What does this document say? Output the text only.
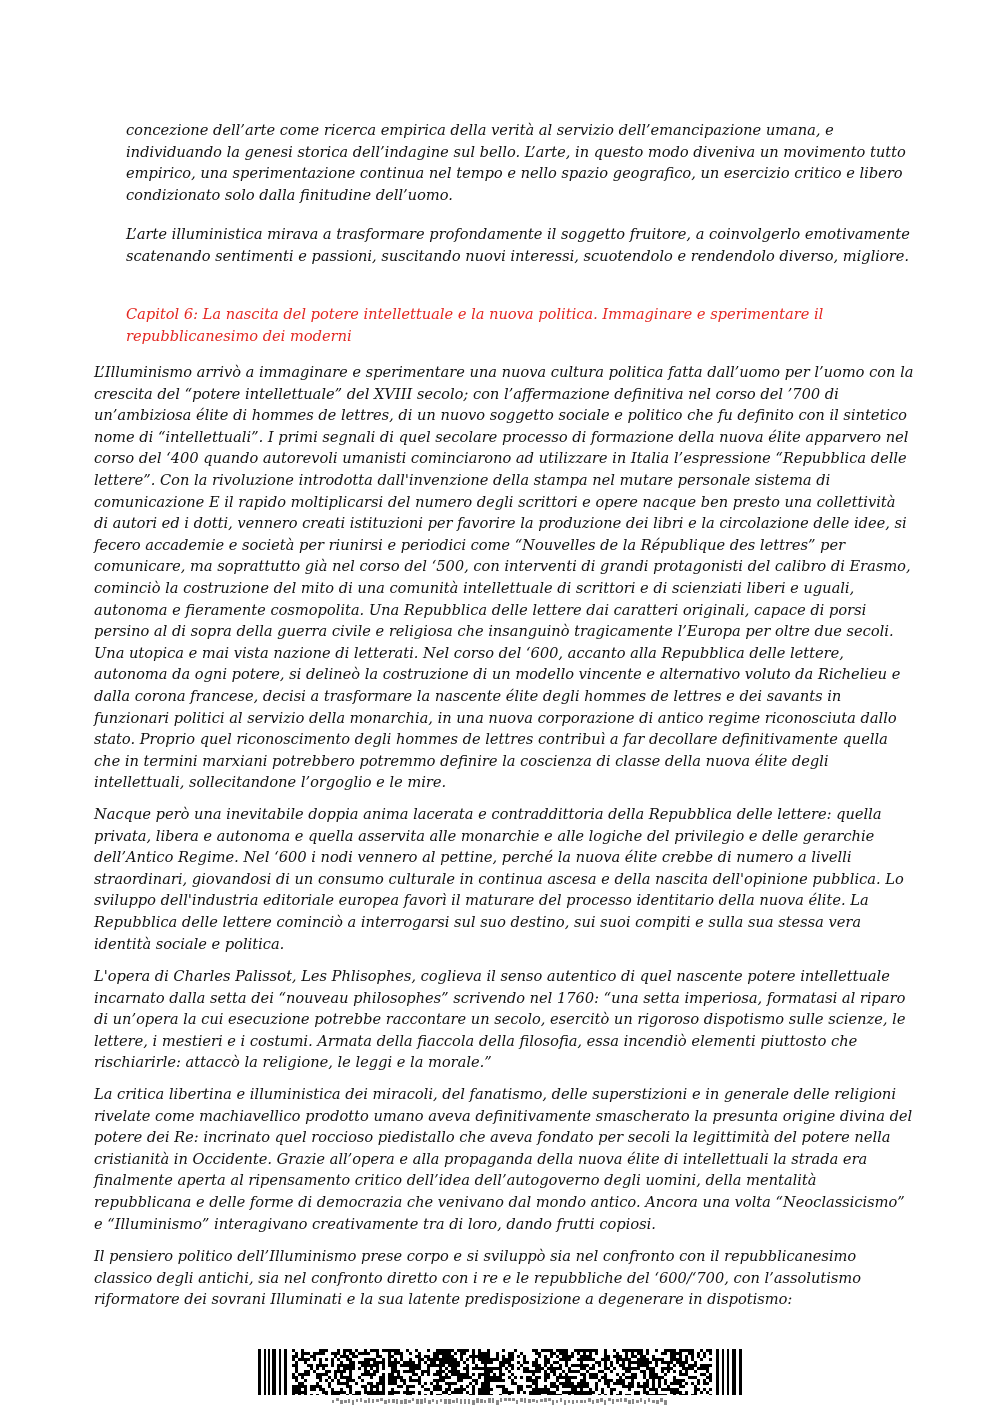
concezione dell’arte come ricerca empirica della verità al servizio dell’emancipazione umana, e individuando la genesi storica dell’indagine sul bello. L’arte, in questo modo diveniva un movimento tutto empirico, una sperimentazione continua nel tempo e nello spazio geografico, un esercizio critico e libero condizionato solo dalla finitudine dell’uomo.

L’arte illuministica mirava a trasformare profondamente il soggetto fruitore, a coinvolgerlo emotivamente scatenando sentimenti e passioni, suscitando nuovi interessi, scuotendolo e rendendolo diverso, migliore.

Capitol 6: La nascita del potere intellettuale e la nuova politica. Immaginare e sperimentare il repubblicanesimo dei moderni

L’Illuminismo arrivò a immaginare e sperimentare una nuova cultura politica fatta dall’uomo per l’uomo con la crescita del “potere intellettuale” del XVIII secolo; con l’affermazione definitiva nel corso del ’700 di un’ambiziosa élite di hommes de lettres, di un nuovo soggetto sociale e politico che fu definito con il sintetico nome di “intellettuali”. I primi segnali di quel secolare processo di formazione della nuova élite apparvero nel corso del ‘400 quando autorevoli umanisti cominciarono ad utilizzare in Italia l’espressione “Repubblica delle lettere”. Con la rivoluzione introdotta dall'invenzione della stampa nel mutare personale sistema di comunicazione E il rapido moltiplicarsi del numero degli scrittori e opere nacque ben presto una collettività di autori ed i dotti, vennero creati istituzioni per favorire la produzione dei libri e la circolazione delle idee, si fecero accademie e società per riunirsi e periodici come “Nouvelles de la République des lettres” per comunicare, ma soprattutto già nel corso del ‘500, con interventi di grandi protagonisti del calibro di Erasmo, cominciò la costruzione del mito di una comunità intellettuale di scrittori e di scienziati liberi e uguali, autonoma e fieramente cosmopolita. Una Repubblica delle lettere dai caratteri originali, capace di porsi persino al di sopra della guerra civile e religiosa che insanguinò tragicamente l’Europa per oltre due secoli. Una utopica e mai vista nazione di letterati. Nel corso del ‘600, accanto alla Repubblica delle lettere, autonoma da ogni potere, si delineò la costruzione di un modello vincente e alternativo voluto da Richelieu e dalla corona francese, decisi a trasformare la nascente élite degli hommes de lettres e dei savants in funzionari politici al servizio della monarchia, in una nuova corporazione di antico regime riconosciuta dallo stato. Proprio quel riconoscimento degli hommes de lettres contribuì a far decollare definitivamente quella che in termini marxiani potrebbero potremmo definire la coscienza di classe della nuova élite degli intellettuali, sollecitandone l’orgoglio e le mire.

Nacque però una inevitabile doppia anima lacerata e contraddittoria della Repubblica delle lettere: quella privata, libera e autonoma e quella asservita alle monarchie e alle logiche del privilegio e delle gerarchie dell’Antico Regime. Nel ‘600 i nodi vennero al pettine, perché la nuova élite crebbe di numero a livelli straordinari, giovandosi di un consumo culturale in continua ascesa e della nascita dell'opinione pubblica. Lo sviluppo dell'industria editoriale europea favorì il maturare del processo identitario della nuova élite. La Repubblica delle lettere cominciò a interrogarsi sul suo destino, sui suoi compiti e sulla sua stessa vera identità sociale e politica.

L'opera di Charles Palissot, Les Phlisophes, coglieva il senso autentico di quel nascente potere intellettuale incarnato dalla setta dei “nouveau philosophes” scrivendo nel 1760: “una setta imperiosa, formatasi al riparo di un’opera la cui esecuzione potrebbe raccontare un secolo, esercitò un rigoroso dispotismo sulle scienze, le lettere, i mestieri e i costumi. Armata della fiaccola della filosofia, essa incendiò elementi piuttosto che rischiarirle: attaccò la religione, le leggi e la morale.”

La critica libertina e illuministica dei miracoli, del fanatismo, delle superstizioni e in generale delle religioni rivelate come machiavellico prodotto umano aveva definitivamente smascherato la presunta origine divina del potere dei Re: incrinato quel roccioso piedistallo che aveva fondato per secoli la legittimità del potere nella cristianità in Occidente. Grazie all’opera e alla propaganda della nuova élite di intellettuali la strada era finalmente aperta al ripensamento critico dell’idea dell’autogoverno degli uomini, della mentalità repubblicana e delle forme di democrazia che venivano dal mondo antico. Ancora una volta “Neoclassicismo” e “Illuminismo” interagivano creativamente tra di loro, dando frutti copiosi.

Il pensiero politico dell’Illuminismo prese corpo e si sviluppò sia nel confronto con il repubblicanesimo classico degli antichi, sia nel confronto diretto con i re e le repubbliche del ‘600/‘700, con l’assolutismo riformatore dei sovrani Illuminati e la sua latente predisposizione a degenerare in dispotismo:
